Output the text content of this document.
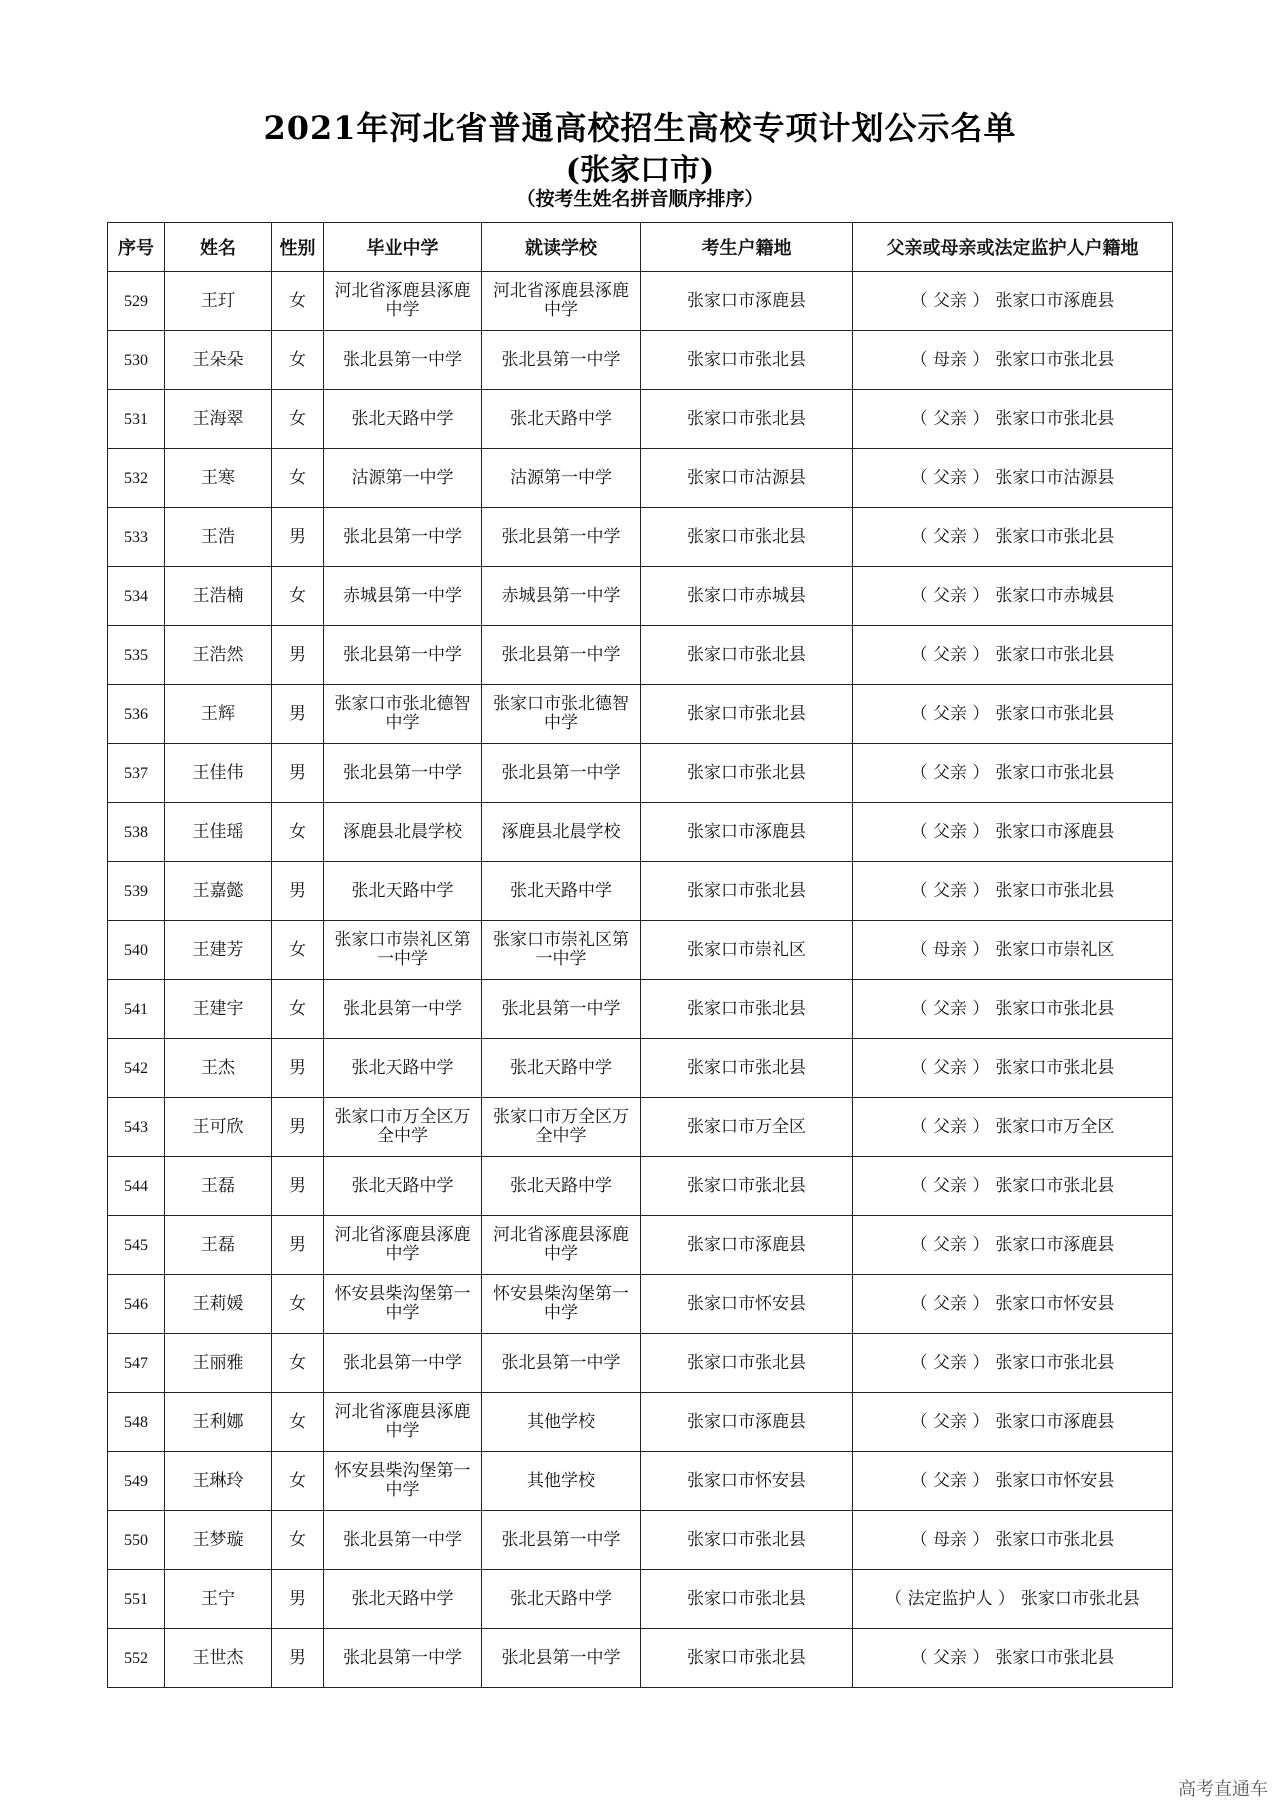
2021年河北省普通高校招生高校专项计划公示名单
(张家口市)
（按考生姓名拼音顺序排序）
序号	姓名	性别	毕业中学	就读学校	考生户籍地	父亲或母亲或法定监护人户籍地
529	王玎	女	河北省涿鹿县涿鹿中学	河北省涿鹿县涿鹿中学	张家口市涿鹿县	（ 父亲 ） 张家口市涿鹿县
530	王朵朵	女	张北县第一中学	张北县第一中学	张家口市张北县	（ 母亲 ） 张家口市张北县
531	王海翠	女	张北天路中学	张北天路中学	张家口市张北县	（ 父亲 ） 张家口市张北县
532	王寒	女	沽源第一中学	沽源第一中学	张家口市沽源县	（ 父亲 ） 张家口市沽源县
533	王浩	男	张北县第一中学	张北县第一中学	张家口市张北县	（ 父亲 ） 张家口市张北县
534	王浩楠	女	赤城县第一中学	赤城县第一中学	张家口市赤城县	（ 父亲 ） 张家口市赤城县
535	王浩然	男	张北县第一中学	张北县第一中学	张家口市张北县	（ 父亲 ） 张家口市张北县
536	王辉	男	张家口市张北德智中学	张家口市张北德智中学	张家口市张北县	（ 父亲 ） 张家口市张北县
537	王佳伟	男	张北县第一中学	张北县第一中学	张家口市张北县	（ 父亲 ） 张家口市张北县
538	王佳瑶	女	涿鹿县北晨学校	涿鹿县北晨学校	张家口市涿鹿县	（ 父亲 ） 张家口市涿鹿县
539	王嘉懿	男	张北天路中学	张北天路中学	张家口市张北县	（ 父亲 ） 张家口市张北县
540	王建芳	女	张家口市崇礼区第一中学	张家口市崇礼区第一中学	张家口市崇礼区	（ 母亲 ） 张家口市崇礼区
541	王建宇	女	张北县第一中学	张北县第一中学	张家口市张北县	（ 父亲 ） 张家口市张北县
542	王杰	男	张北天路中学	张北天路中学	张家口市张北县	（ 父亲 ） 张家口市张北县
543	王可欣	男	张家口市万全区万全中学	张家口市万全区万全中学	张家口市万全区	（ 父亲 ） 张家口市万全区
544	王磊	男	张北天路中学	张北天路中学	张家口市张北县	（ 父亲 ） 张家口市张北县
545	王磊	男	河北省涿鹿县涿鹿中学	河北省涿鹿县涿鹿中学	张家口市涿鹿县	（ 父亲 ） 张家口市涿鹿县
546	王莉媛	女	怀安县柴沟堡第一中学	怀安县柴沟堡第一中学	张家口市怀安县	（ 父亲 ） 张家口市怀安县
547	王丽雅	女	张北县第一中学	张北县第一中学	张家口市张北县	（ 父亲 ） 张家口市张北县
548	王利娜	女	河北省涿鹿县涿鹿中学	其他学校	张家口市涿鹿县	（ 父亲 ） 张家口市涿鹿县
549	王琳玲	女	怀安县柴沟堡第一中学	其他学校	张家口市怀安县	（ 父亲 ） 张家口市怀安县
550	王梦璇	女	张北县第一中学	张北县第一中学	张家口市张北县	（ 母亲 ） 张家口市张北县
551	王宁	男	张北天路中学	张北天路中学	张家口市张北县	（ 法定监护人 ） 张家口市张北县
552	王世杰	男	张北县第一中学	张北县第一中学	张家口市张北县	（ 父亲 ） 张家口市张北县
高考直通车
